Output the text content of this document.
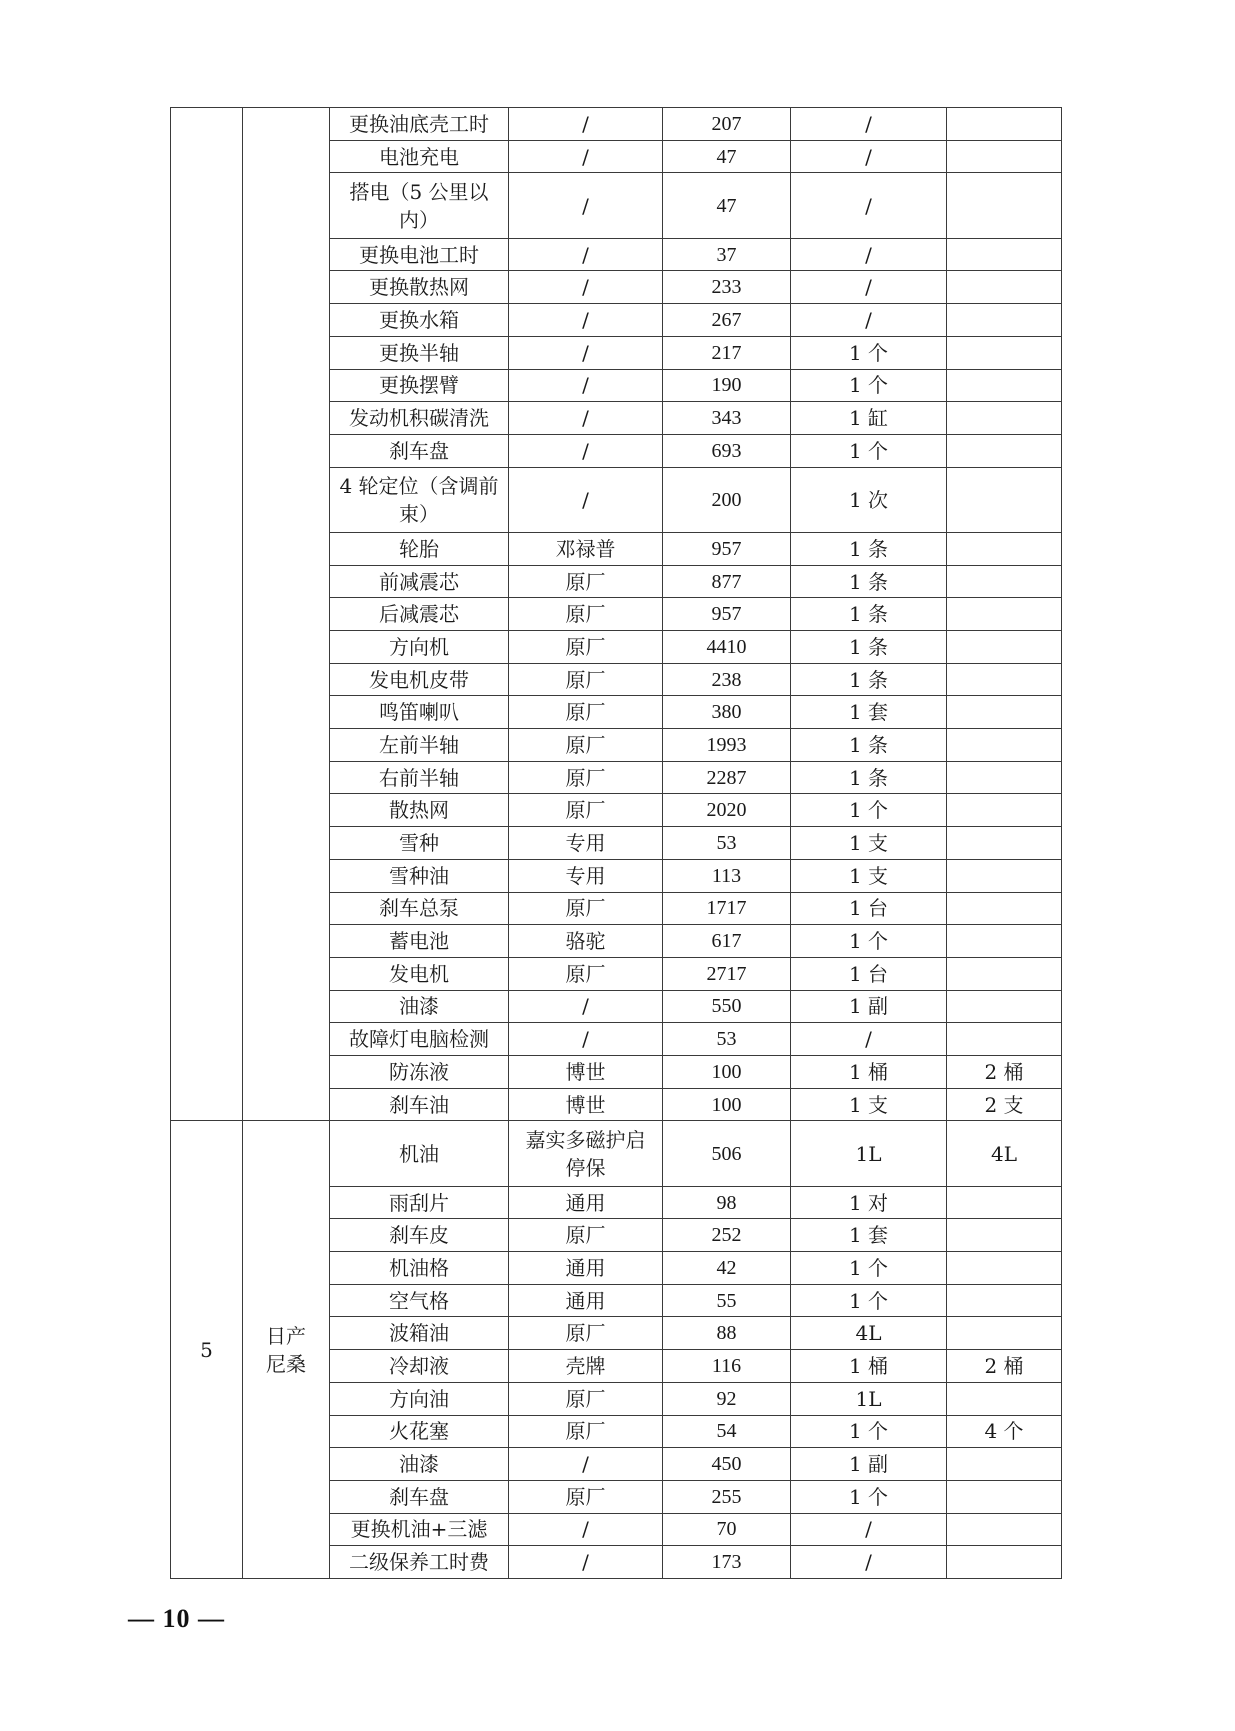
		更换油底壳工时	/	207	/	
		电池充电	/	47	/	
		搭电（5 公里以内）	/	47	/	
		更换电池工时	/	37	/	
		更换散热网	/	233	/	
		更换水箱	/	267	/	
		更换半轴	/	217	1 个	
		更换摆臂	/	190	1 个	
		发动机积碳清洗	/	343	1 缸	
		刹车盘	/	693	1 个	
		4 轮定位（含调前束）	/	200	1 次	
		轮胎	邓禄普	957	1 条	
		前减震芯	原厂	877	1 条	
		后减震芯	原厂	957	1 条	
		方向机	原厂	4410	1 条	
		发电机皮带	原厂	238	1 条	
		鸣笛喇叭	原厂	380	1 套	
		左前半轴	原厂	1993	1 条	
		右前半轴	原厂	2287	1 条	
		散热网	原厂	2020	1 个	
		雪种	专用	53	1 支	
		雪种油	专用	113	1 支	
		刹车总泵	原厂	1717	1 台	
		蓄电池	骆驼	617	1 个	
		发电机	原厂	2717	1 台	
		油漆	/	550	1 副	
		故障灯电脑检测	/	53	/	
		防冻液	博世	100	1 桶	2 桶
		刹车油	博世	100	1 支	2 支
5	日产尼桑	机油	嘉实多磁护启停保	506	1L	4L
		雨刮片	通用	98	1 对	
		刹车皮	原厂	252	1 套	
		机油格	通用	42	1 个	
		空气格	通用	55	1 个	
		波箱油	原厂	88	4L	
		冷却液	壳牌	116	1 桶	2 桶
		方向油	原厂	92	1L	
		火花塞	原厂	54	1 个	4 个
		油漆	/	450	1 副	
		刹车盘	原厂	255	1 个	
		更换机油+三滤	/	70	/	
		二级保养工时费	/	173	/	
— 10 —
